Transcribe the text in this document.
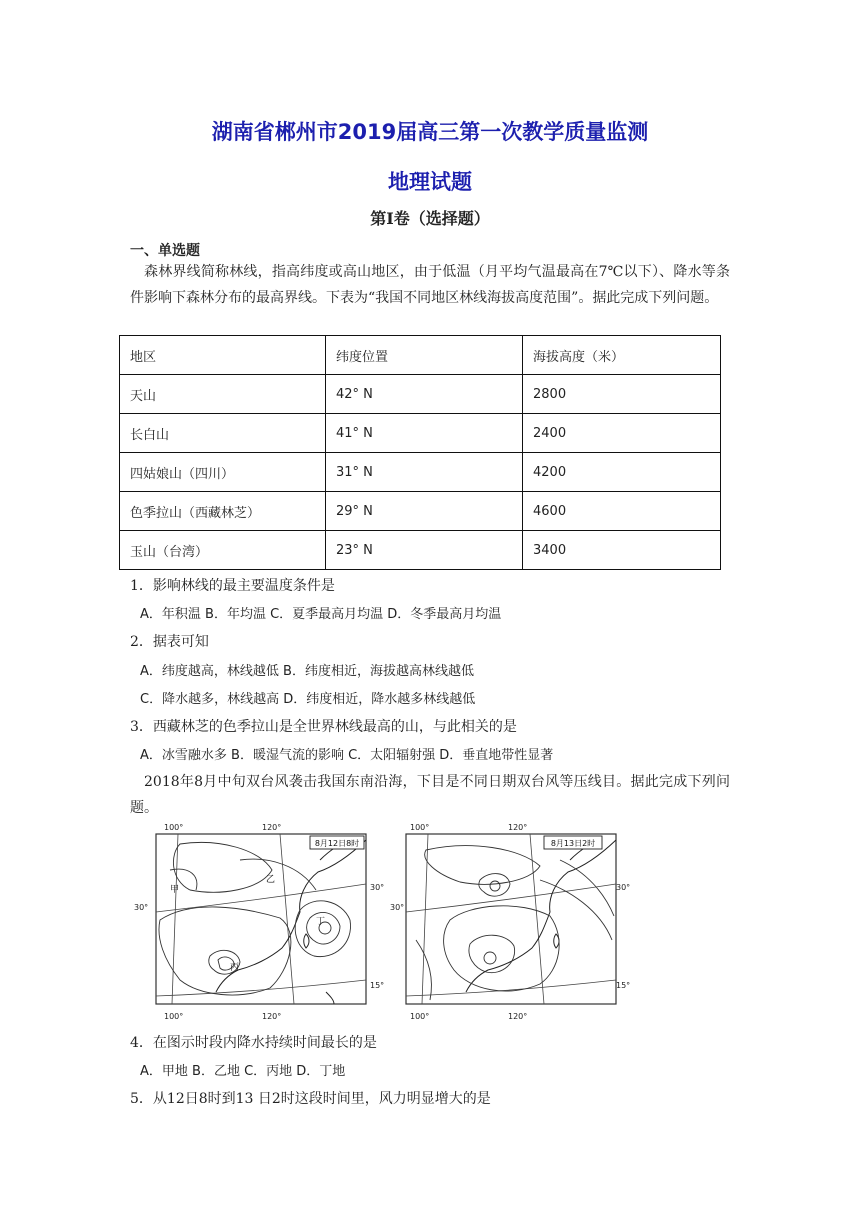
湖南省郴州市2019届高三第一次教学质量监测
地理试题
第Ⅰ卷（选择题）
一、单选题
森林界线简称林线，指高纬度或高山地区，由于低温（月平均气温最高在7℃以下）、降水等条件影响下森林分布的最高界线。下表为“我国不同地区林线海拔高度范围”。据此完成下列问题。
地区	纬度位置	海拔高度（米）
天山	42° N	2800
长白山	41° N	2400
四姑娘山（四川）	31° N	4200
色季拉山（西藏林芝）	29° N	4600
玉山（台湾）	23° N	3400
1．影响林线的最主要温度条件是
A．年积温 B．年均温 C．夏季最高月均温 D．冬季最高月均温
2．据表可知
A．纬度越高，林线越低 B．纬度相近，海拔越高林线越低
C．降水越多，林线越高 D．纬度相近，降水越多林线越低
3．西藏林芝的色季拉山是全世界林线最高的山，与此相关的是
A．冰雪融水多 B．暖湿气流的影响 C．太阳辐射强 D．垂直地带性显著
2018年8月中旬双台风袭击我国东南沿海，下目是不同日期双台风等压线目。据此完成下列问题。
100°	120°
100°	120°
30°
30°
15°
8月12日8时
甲
乙
丙
丁
100°	120°
100°	120°
30°
30°
15°
8月13日2时
4．在图示时段内降水持续时间最长的是
A．甲地 B．乙地 C．丙地 D．丁地
5．从12日8时到13 日2时这段时间里，风力明显增大的是
